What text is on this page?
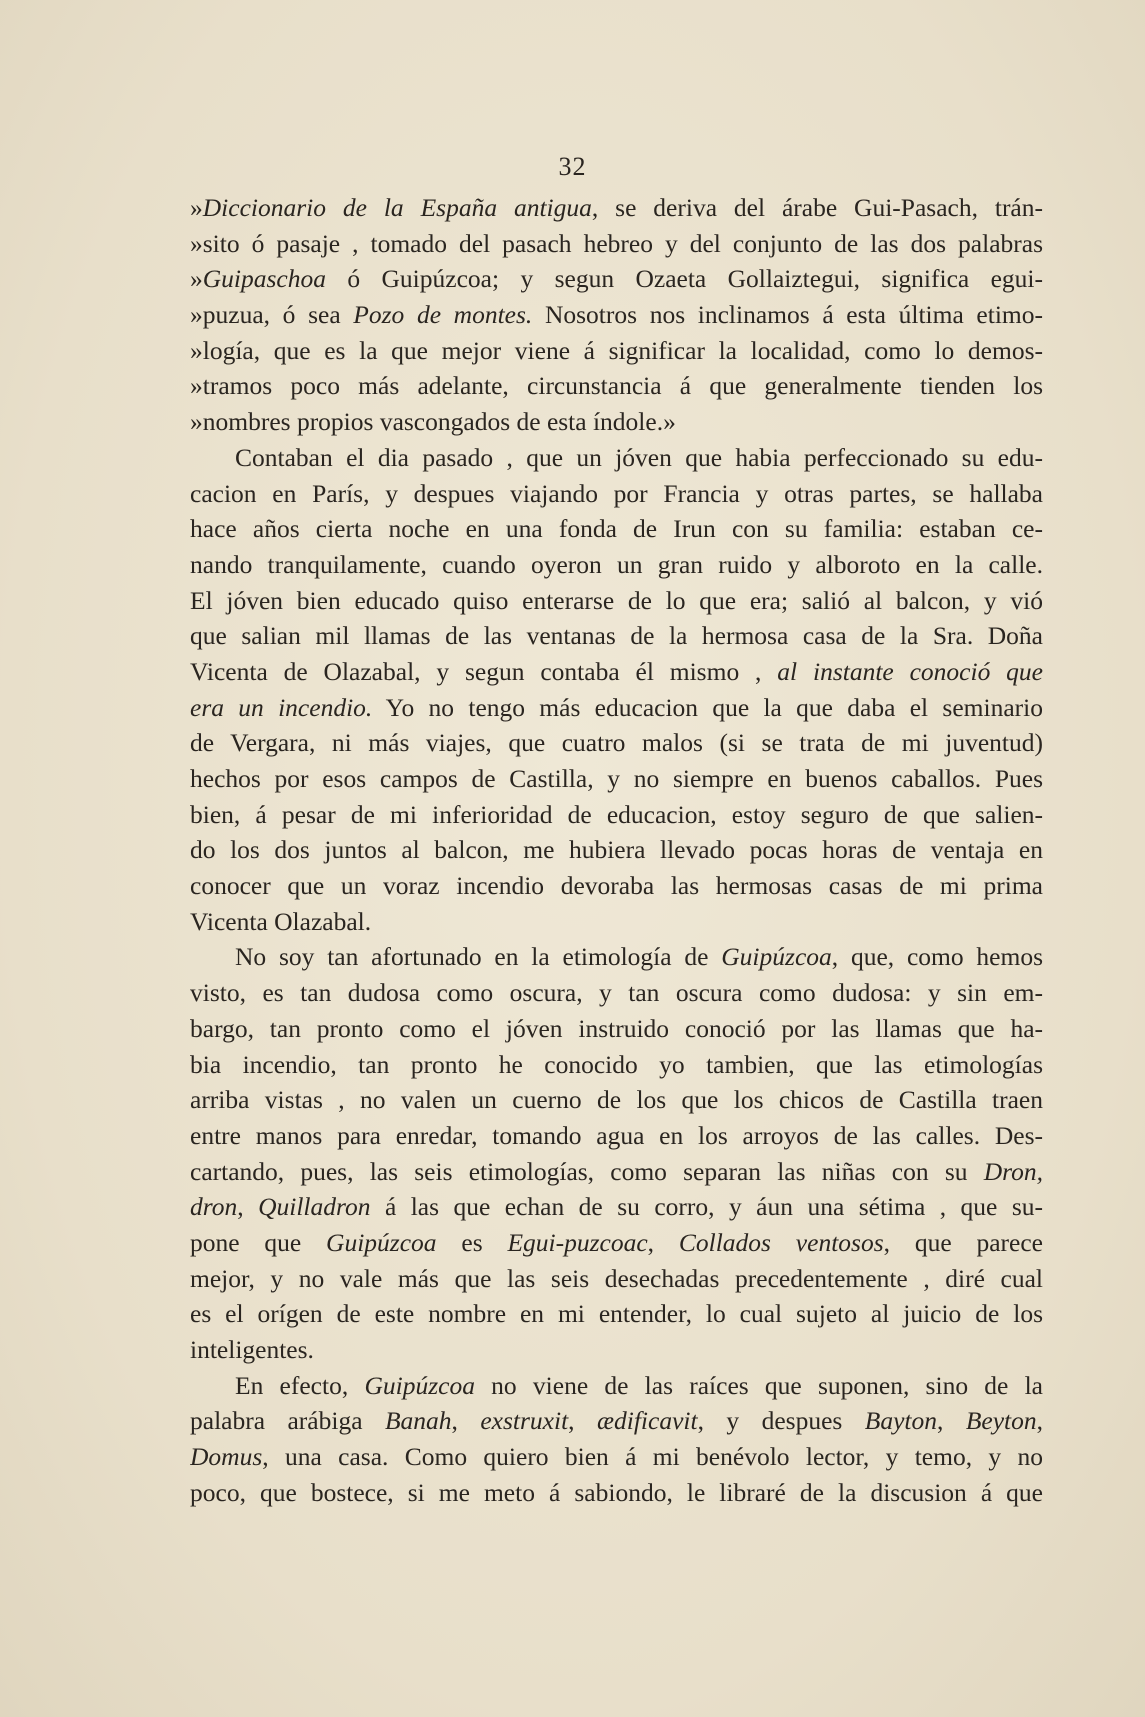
32
»Diccionario de la España antigua, se deriva del árabe Gui-Pasach, trán-
»sito ó pasaje , tomado del pasach hebreo y del conjunto de las dos palabras
»Guipaschoa ó Guipúzcoa; y segun Ozaeta Gollaiztegui, significa egui-
»puzua, ó sea Pozo de montes. Nosotros nos inclinamos á esta última etimo-
»logía, que es la que mejor viene á significar la localidad, como lo demos-
»tramos poco más adelante, circunstancia á que generalmente tienden los
»nombres propios vascongados de esta índole.»
Contaban el dia pasado , que un jóven que habia perfeccionado su edu-
cacion en París, y despues viajando por Francia y otras partes, se hallaba
hace años cierta noche en una fonda de Irun con su familia: estaban ce-
nando tranquilamente, cuando oyeron un gran ruido y alboroto en la calle.
El jóven bien educado quiso enterarse de lo que era; salió al balcon, y vió
que salian mil llamas de las ventanas de la hermosa casa de la Sra. Doña
Vicenta de Olazabal, y segun contaba él mismo , al instante conoció que
era un incendio. Yo no tengo más educacion que la que daba el seminario
de Vergara, ni más viajes, que cuatro malos (si se trata de mi juventud)
hechos por esos campos de Castilla, y no siempre en buenos caballos. Pues
bien, á pesar de mi inferioridad de educacion, estoy seguro de que salien-
do los dos juntos al balcon, me hubiera llevado pocas horas de ventaja en
conocer que un voraz incendio devoraba las hermosas casas de mi prima
Vicenta Olazabal.
No soy tan afortunado en la etimología de Guipúzcoa, que, como hemos
visto, es tan dudosa como oscura, y tan oscura como dudosa: y sin em-
bargo, tan pronto como el jóven instruido conoció por las llamas que ha-
bia incendio, tan pronto he conocido yo tambien, que las etimologías
arriba vistas , no valen un cuerno de los que los chicos de Castilla traen
entre manos para enredar, tomando agua en los arroyos de las calles. Des-
cartando, pues, las seis etimologías, como separan las niñas con su Dron,
dron, Quilladron á las que echan de su corro, y áun una sétima , que su-
pone que Guipúzcoa es Egui-puzcoac, Collados ventosos, que parece
mejor, y no vale más que las seis desechadas precedentemente , diré cual
es el orígen de este nombre en mi entender, lo cual sujeto al juicio de los
inteligentes.
En efecto, Guipúzcoa no viene de las raíces que suponen, sino de la
palabra arábiga Banah, exstruxit, ædificavit, y despues Bayton, Beyton,
Domus, una casa. Como quiero bien á mi benévolo lector, y temo, y no
poco, que bostece, si me meto á sabiondo, le libraré de la discusion á que
